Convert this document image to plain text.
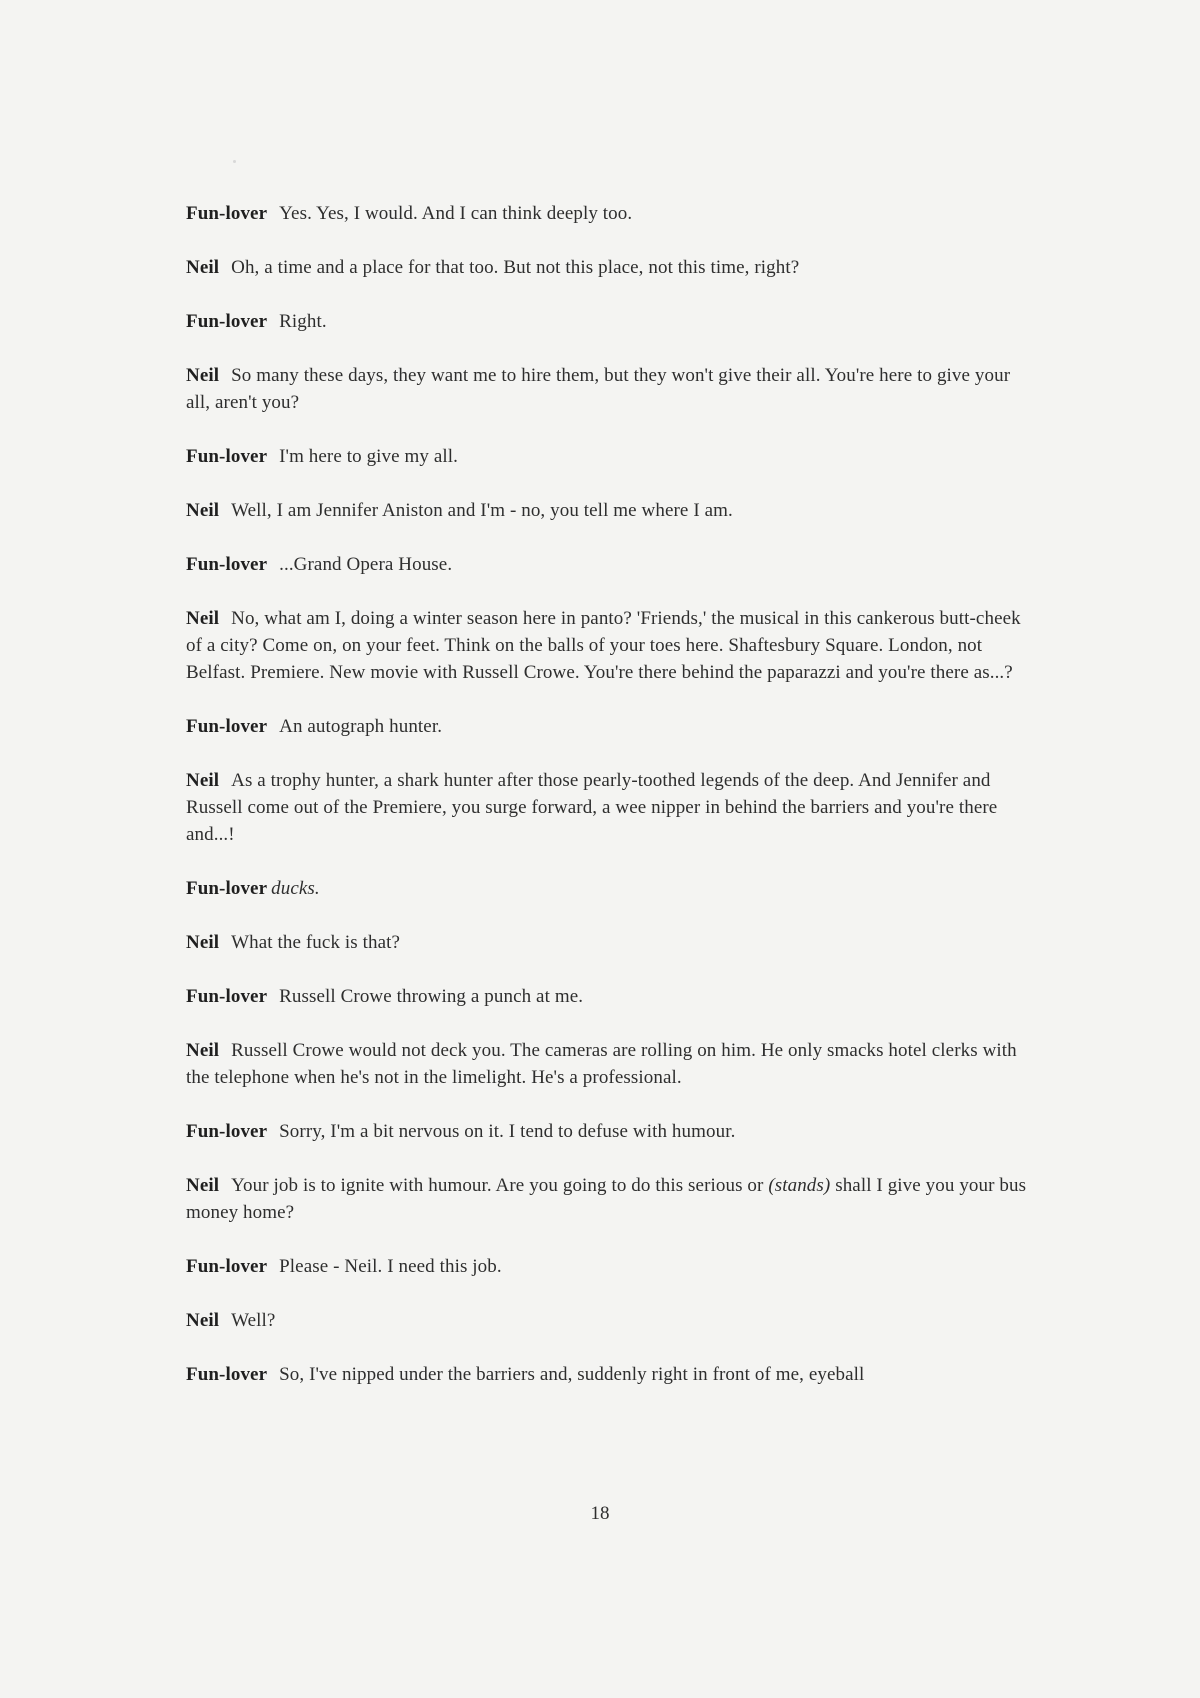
Fun-lover Yes. Yes, I would. And I can think deeply too.

Neil Oh, a time and a place for that too. But not this place, not this time, right?

Fun-lover Right.

Neil So many these days, they want me to hire them, but they won't give their all. You're here to give your all, aren't you?

Fun-lover I'm here to give my all.

Neil Well, I am Jennifer Aniston and I'm - no, you tell me where I am.

Fun-lover ...Grand Opera House.

Neil No, what am I, doing a winter season here in panto? 'Friends,' the musical in this cankerous butt-cheek of a city? Come on, on your feet. Think on the balls of your toes here. Shaftesbury Square. London, not Belfast. Premiere. New movie with Russell Crowe. You're there behind the paparazzi and you're there as...?

Fun-lover An autograph hunter.

Neil As a trophy hunter, a shark hunter after those pearly-toothed legends of the deep. And Jennifer and Russell come out of the Premiere, you surge forward, a wee nipper in behind the barriers and you're there and...!

Fun-lover ducks.

Neil What the fuck is that?

Fun-lover Russell Crowe throwing a punch at me.

Neil Russell Crowe would not deck you. The cameras are rolling on him. He only smacks hotel clerks with the telephone when he's not in the limelight. He's a professional.

Fun-lover Sorry, I'm a bit nervous on it. I tend to defuse with humour.

Neil Your job is to ignite with humour. Are you going to do this serious or (stands) shall I give you your bus money home?

Fun-lover Please - Neil. I need this job.

Neil Well?

Fun-lover So, I've nipped under the barriers and, suddenly right in front of me, eyeball

18
